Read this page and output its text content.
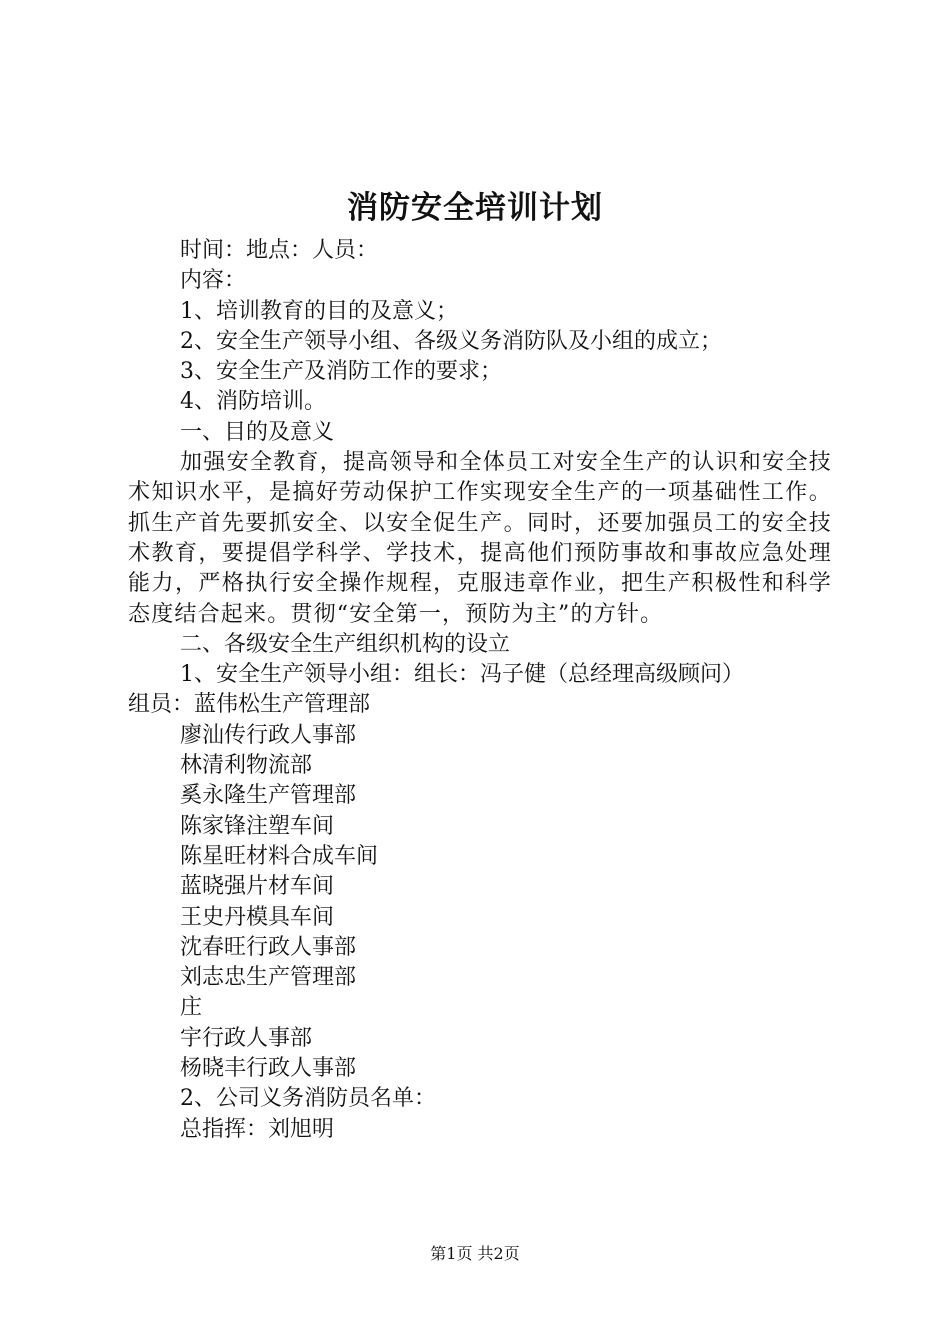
消防安全培训计划
时间：地点：人员：
内容：
1、培训教育的目的及意义；
2、安全生产领导小组、各级义务消防队及小组的成立；
3、安全生产及消防工作的要求；
4、消防培训。
一、目的及意义
加强安全教育，提高领导和全体员工对安全生产的认识和安全技术知识水平，是搞好劳动保护工作实现安全生产的一项基础性工作。抓生产首先要抓安全、以安全促生产。同时，还要加强员工的安全技术教育，要提倡学科学、学技术，提高他们预防事故和事故应急处理能力，严格执行安全操作规程，克服违章作业，把生产积极性和科学态度结合起来。贯彻“安全第一，预防为主”的方针。
二、各级安全生产组织机构的设立
1、安全生产领导小组：组长：冯子健（总经理高级顾问）
组员：蓝伟松生产管理部
廖汕传行政人事部
林清利物流部
奚永隆生产管理部
陈家锋注塑车间
陈星旺材料合成车间
蓝晓强片材车间
王史丹模具车间
沈春旺行政人事部
刘志忠生产管理部
庄
宇行政人事部
杨晓丰行政人事部
2、公司义务消防员名单：
总指挥：刘旭明
第1页 共2页
